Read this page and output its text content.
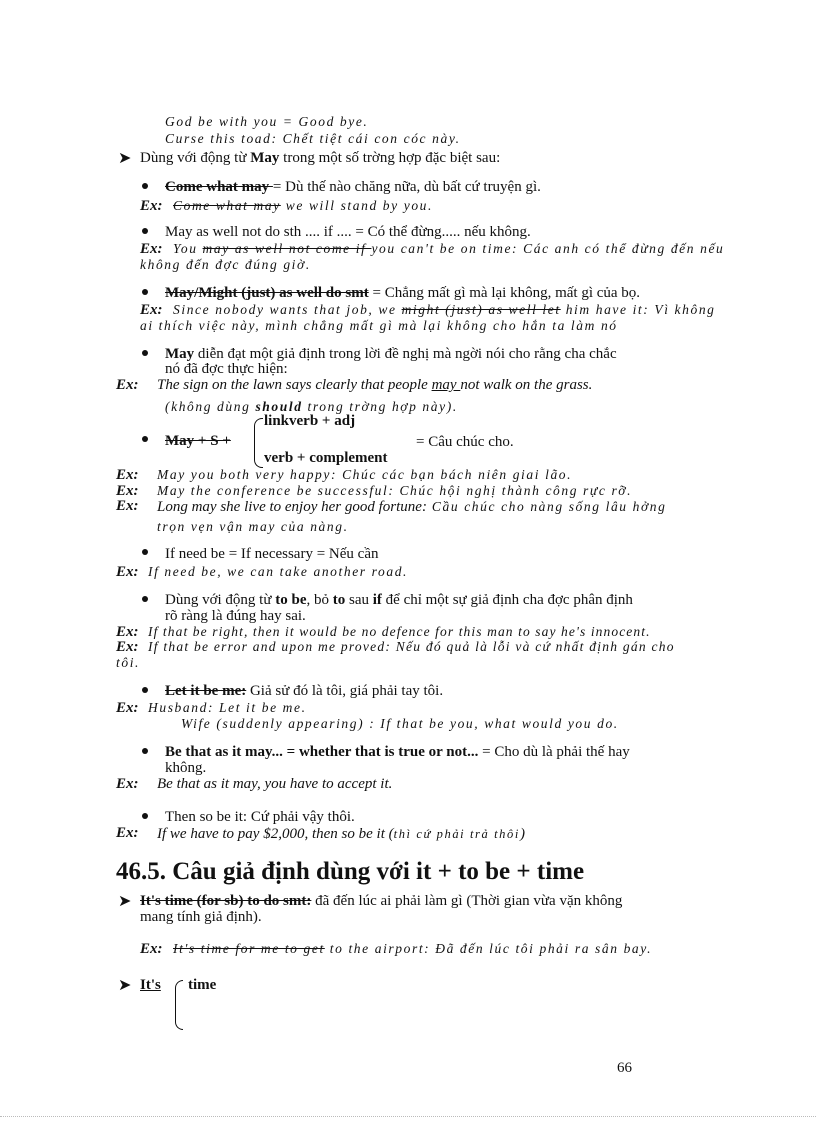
God be with you = Good bye.
Curse this toad: Chết tiệt cái con cóc này.
➤ Dùng với động từ May trong một số trờng hợp đặc biệt sau:
Come what may = Dù thế nào chăng nữa, dù bất cứ truyện gì.
Ex: Come what may we will stand by you.
May as well not do sth .... if .... = Có thể đừng..... nếu không.
Ex: You may as well not come if you can't be on time: Các anh có thể đừng đến nếu
không đến đợc đúng giờ.
May/Might (just) as well do smt = Chẳng mất gì mà lại không, mất gì của bọ.
Ex: Since nobody wants that job, we might (just) as well let him have it: Vì không
ai thích việc này, mình chẳng mất gì mà lại không cho hắn ta làm nó
May diễn đạt một giả định trong lời đề nghị mà ngời nói cho rằng cha chắc
nó đã đợc thực hiện:
Ex: The sign on the lawn says clearly that people may not walk on the grass.
(không dùng should trong trờng hợp này).
May + S +
linkverb + adj
verb + complement
= Câu chúc cho.
Ex: May you both very happy: Chúc các bạn bách niên giai lão.
Ex: May the conference be successful: Chúc hội nghị thành công rực rỡ.
Ex: Long may she live to enjoy her good fortune: Cầu chúc cho nàng sống lâu hởng
trọn vẹn vận may của nàng.
If need be = If necessary = Nếu cần
Ex: If need be, we can take another road.
Dùng với động từ to be, bỏ to sau if để chỉ một sự giả định cha đợc phân định
rõ ràng là đúng hay sai.
Ex: If that be right, then it would be no defence for this man to say he's innocent.
Ex: If that be error and upon me proved: Nếu đó quả là lỗi và cứ nhất định gán cho
tôi.
Let it be me: Giả sử đó là tôi, giá phải tay tôi.
Ex: Husband: Let it be me.
Wife (suddenly appearing) : If that be you, what would you do.
Be that as it may... = whether that is true or not... = Cho dù là phải thế hay
không.
Ex: Be that as it may, you have to accept it.
Then so be it: Cứ phải vậy thôi.
Ex: If we have to pay $2,000, then so be it (thì cứ phải trả thôi)
46.5. Câu giả định dùng với it + to be + time
➤ It's time (for sb) to do smt: đã đến lúc ai phải làm gì (Thời gian vừa vặn không
mang tính giả định).
Ex: It's time for me to get to the airport: Đã đến lúc tôi phải ra sân bay.
➤ It's time
66
